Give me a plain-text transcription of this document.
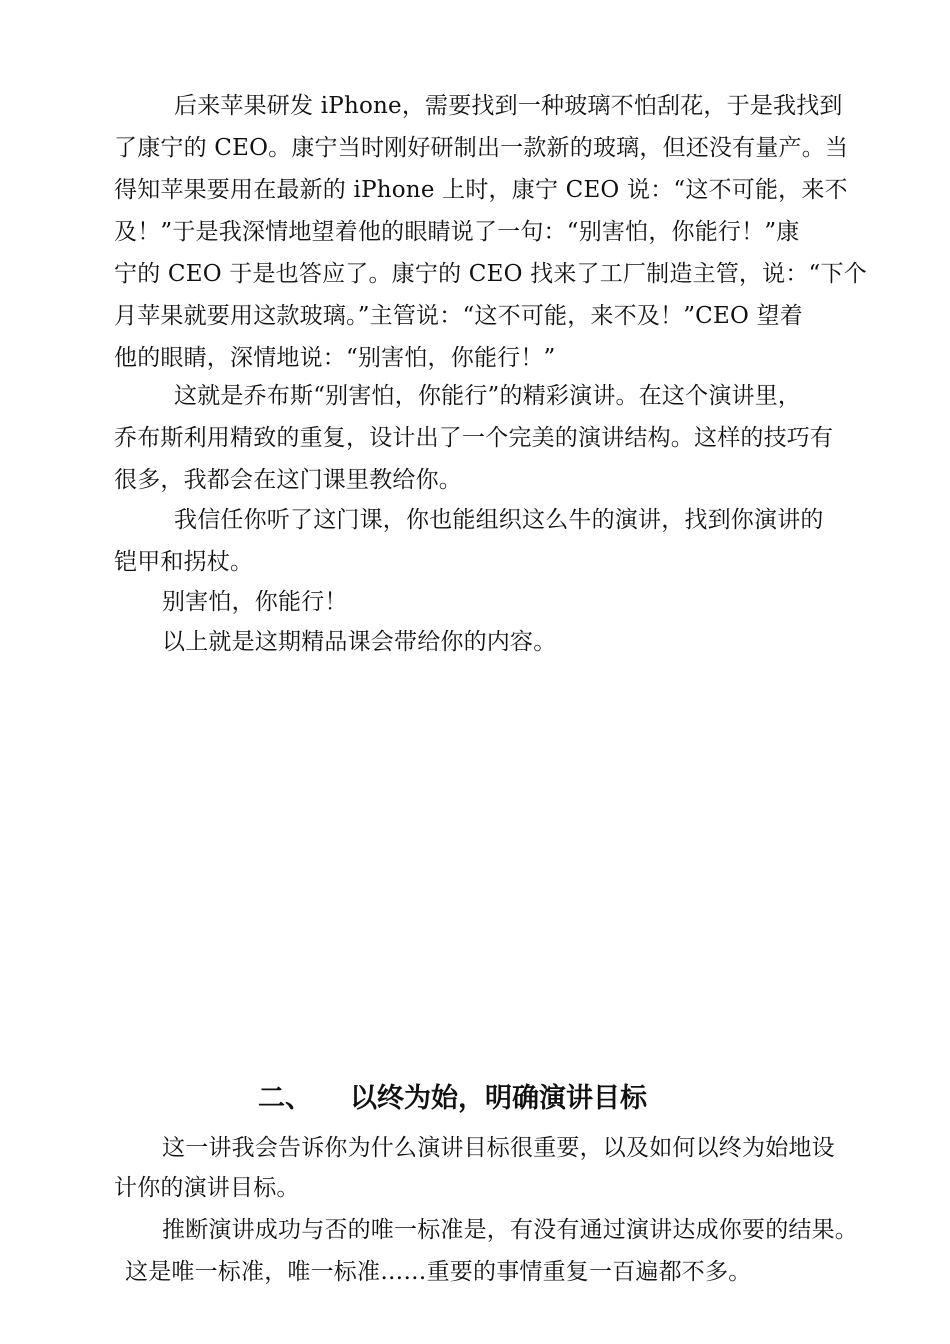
后来苹果研发 iPhone，需要找到一种玻璃不怕刮花，于是我找到
了康宁的 CEO。康宁当时刚好研制出一款新的玻璃，但还没有量产。当
得知苹果要用在最新的 iPhone 上时，康宁 CEO 说：“这不可能，来不
及！”于是我深情地望着他的眼睛说了一句：“别害怕，你能行！”康
宁的 CEO 于是也答应了。康宁的 CEO 找来了工厂制造主管，说：“下个
月苹果就要用这款玻璃。”主管说：“这不可能，来不及！”CEO 望着
他的眼睛，深情地说：“别害怕，你能行！”
这就是乔布斯“别害怕，你能行”的精彩演讲。在这个演讲里，
乔布斯利用精致的重复，设计出了一个完美的演讲结构。这样的技巧有
很多，我都会在这门课里教给你。
我信任你听了这门课，你也能组织这么牛的演讲，找到你演讲的
铠甲和拐杖。
别害怕，你能行！
以上就是这期精品课会带给你的内容。
二、 以终为始，明确演讲目标
这一讲我会告诉你为什么演讲目标很重要，以及如何以终为始地设
计你的演讲目标。
推断演讲成功与否的唯一标准是，有没有通过演讲达成你要的结果。
这是唯一标准，唯一标准……重要的事情重复一百遍都不多。
